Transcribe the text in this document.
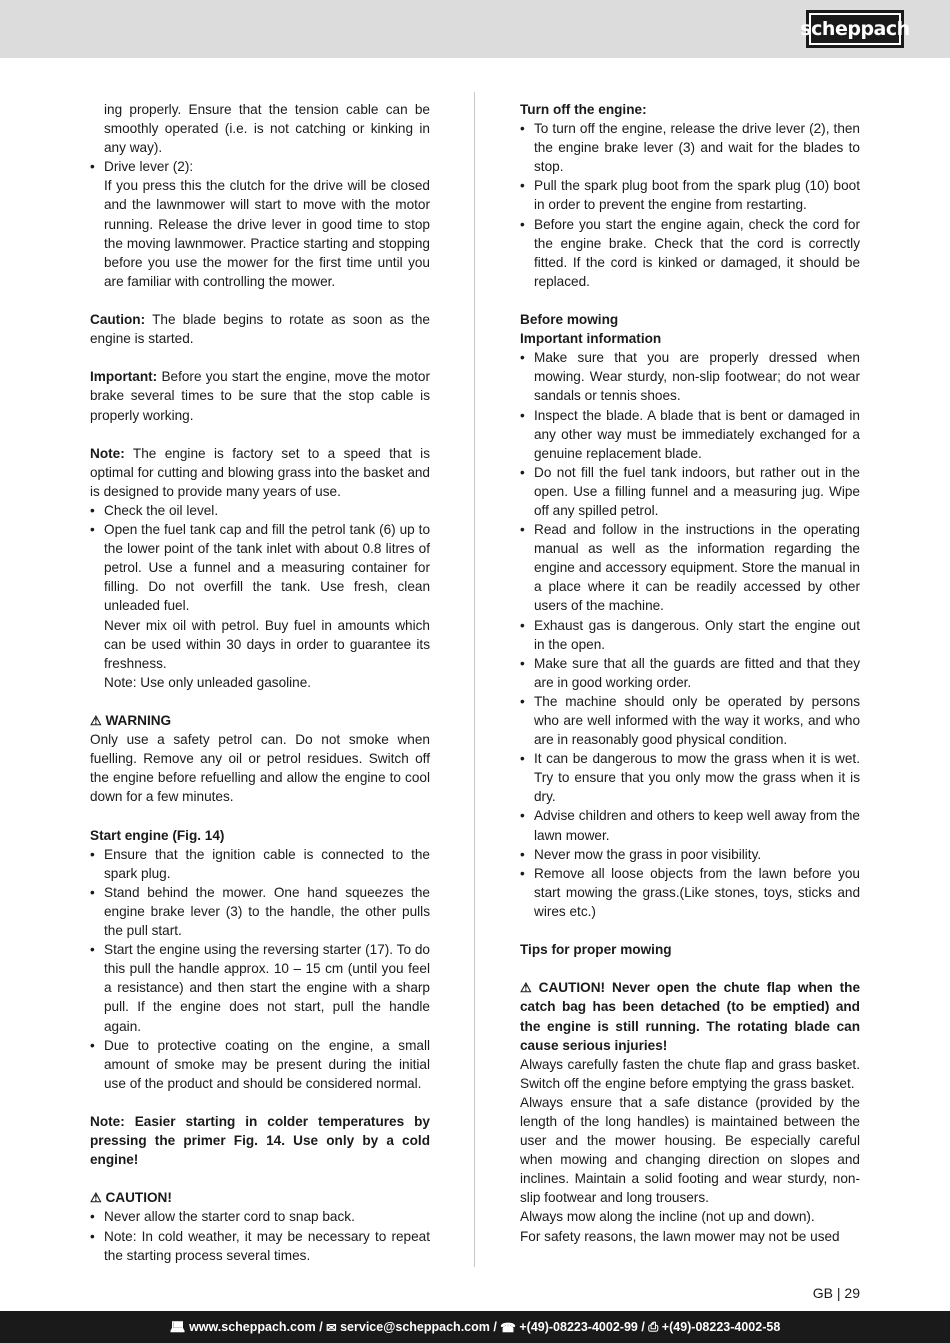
scheppach

ing properly. Ensure that the tension cable can be smoothly operated (i.e. is not catching or kinking in any way).

• Drive lever (2):

If you press this the clutch for the drive will be closed and the lawnmower will start to move with the motor running. Release the drive lever in good time to stop the moving lawnmower. Practice starting and stopping before you use the mower for the first time until you are familiar with controlling the mower.

Caution: The blade begins to rotate as soon as the engine is started.

Important: Before you start the engine, move the motor brake several times to be sure that the stop cable is properly working.

Note: The engine is factory set to a speed that is optimal for cutting and blowing grass into the basket and is designed to provide many years of use.

• Check the oil level.
• Open the fuel tank cap and fill the petrol tank (6) up to the lower point of the tank inlet with about 0.8 litres of petrol. Use a funnel and a measuring container for filling. Do not overfill the tank. Use fresh, clean unleaded fuel.

Never mix oil with petrol. Buy fuel in amounts which can be used within 30 days in order to guarantee its freshness.

Note: Use only unleaded gasoline.

⚠ WARNING

Only use a safety petrol can. Do not smoke when fuelling. Remove any oil or petrol residues. Switch off the engine before refuelling and allow the engine to cool down for a few minutes.

Start engine (Fig. 14)

• Ensure that the ignition cable is connected to the spark plug.
• Stand behind the mower. One hand squeezes the engine brake lever (3) to the handle, the other pulls the pull start.
• Start the engine using the reversing starter (17). To do this pull the handle approx. 10 – 15 cm (until you feel a resistance) and then start the engine with a sharp pull. If the engine does not start, pull the handle again.
• Due to protective coating on the engine, a small amount of smoke may be present during the initial use of the product and should be considered normal.

Note: Easier starting in colder temperatures by pressing the primer Fig. 14. Use only by a cold engine!

⚠ CAUTION!

• Never allow the starter cord to snap back.
• Note: In cold weather, it may be necessary to repeat the starting process several times.

Turn off the engine:

• To turn off the engine, release the drive lever (2), then the engine brake lever (3) and wait for the blades to stop.
• Pull the spark plug boot from the spark plug (10) boot in order to prevent the engine from restarting.
• Before you start the engine again, check the cord for the engine brake. Check that the cord is correctly fitted. If the cord is kinked or damaged, it should be replaced.

Before mowing

Important information

• Make sure that you are properly dressed when mowing. Wear sturdy, non-slip footwear; do not wear sandals or tennis shoes.
• Inspect the blade. A blade that is bent or damaged in any other way must be immediately exchanged for a genuine replacement blade.
• Do not fill the fuel tank indoors, but rather out in the open. Use a filling funnel and a measuring jug. Wipe off any spilled petrol.
• Read and follow in the instructions in the operating manual as well as the information regarding the engine and accessory equipment. Store the manual in a place where it can be readily accessed by other users of the machine.
• Exhaust gas is dangerous. Only start the engine out in the open.
• Make sure that all the guards are fitted and that they are in good working order.
• The machine should only be operated by persons who are well informed with the way it works, and who are in reasonably good physical condition.
• It can be dangerous to mow the grass when it is wet. Try to ensure that you only mow the grass when it is dry.
• Advise children and others to keep well away from the lawn mower.
• Never mow the grass in poor visibility.
• Remove all loose objects from the lawn before you start mowing the grass.(Like stones, toys, sticks and wires etc.)

Tips for proper mowing

⚠ CAUTION! Never open the chute flap when the catch bag has been detached (to be emptied) and the engine is still running. The rotating blade can cause serious injuries!

Always carefully fasten the chute flap and grass basket. Switch off the engine before emptying the grass basket.

Always ensure that a safe distance (provided by the length of the long handles) is maintained between the user and the mower housing. Be especially careful when mowing and changing direction on slopes and inclines. Maintain a solid footing and wear sturdy, non-slip footwear and long trousers.

Always mow along the incline (not up and down).

For safety reasons, the lawn mower may not be used

GB | 29
💻︎
www.scheppach.com / ✉
service@scheppach.com / ☎
+(49)-08223-4002-99 / ⎙
+(49)-08223-4002-58
